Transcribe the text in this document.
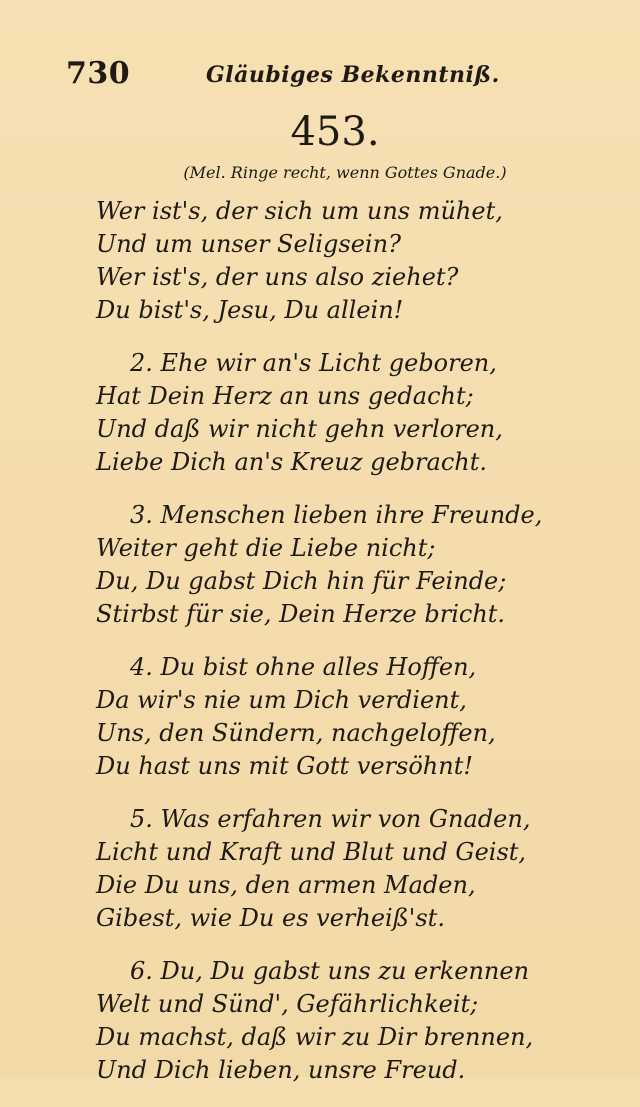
730	Gläubiges Bekenntniß.
453.
(Mel. Ringe recht, wenn Gottes Gnade.)
Wer ist's, der sich um uns mühet,
Und um unser Seligsein?
Wer ist's, der uns also ziehet?
Du bist's, Jesu, Du allein!
2. Ehe wir an's Licht geboren,
Hat Dein Herz an uns gedacht;
Und daß wir nicht gehn verloren,
Liebe Dich an's Kreuz gebracht.
3. Menschen lieben ihre Freunde,
Weiter geht die Liebe nicht;
Du, Du gabst Dich hin für Feinde;
Stirbst für sie, Dein Herze bricht.
4. Du bist ohne alles Hoffen,
Da wir's nie um Dich verdient,
Uns, den Sündern, nachgeloffen,
Du hast uns mit Gott versöhnt!
5. Was erfahren wir von Gnaden,
Licht und Kraft und Blut und Geist,
Die Du uns, den armen Maden,
Gibest, wie Du es verheiß'st.
6. Du, Du gabst uns zu erkennen
Welt und Sünd', Gefährlichkeit;
Du machst, daß wir zu Dir brennen,
Und Dich lieben, unsre Freud.
